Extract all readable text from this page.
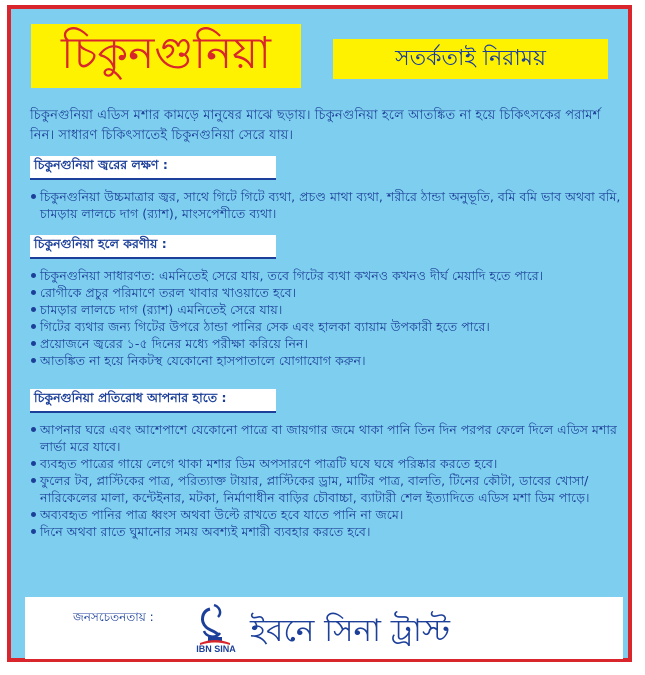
চিকুনগুনিয়া	সতর্কতাই নিরাময়

চিকুনগুনিয়া এডিস মশার কামড়ে মানুষের মাঝে ছড়ায়। চিকুনগুনিয়া হলে আতঙ্কিত না হয়ে চিকিৎসকের পরামর্শ নিন। সাধারণ চিকিৎসাতেই চিকুনগুনিয়া সেরে যায়।

চিকুনগুনিয়া জ্বরের লক্ষণ :
চিকুনগুনিয়া উচ্চমাত্রার জ্বর, সাথে গিটে গিটে ব্যথা, প্রচণ্ড মাথা ব্যথা, শরীরে ঠান্ডা অনুভূতি, বমি বমি ভাব অথবা বমি, চামড়ায় লালচে দাগ (র‍্যাশ), মাংসপেশীতে ব্যথা।
চিকুনগুনিয়া হলে করণীয় :
চিকুনগুনিয়া সাধারণত: এমনিতেই সেরে যায়, তবে গিটের ব্যথা কখনও কখনও দীর্ঘ মেয়াদি হতে পারে।
রোগীকে প্রচুর পরিমাণে তরল খাবার খাওয়াতে হবে।
চামড়ার লালচে দাগ (র‍্যাশ) এমনিতেই সেরে যায়।
গিটের ব্যথার জন্য গিটের উপরে ঠান্ডা পানির সেক এবং হালকা ব্যায়াম উপকারী হতে পারে।
প্রয়োজনে জ্বরের ১-৫ দিনের মধ্যে পরীক্ষা করিয়ে নিন।
আতঙ্কিত না হয়ে নিকটস্থ যেকোনো হাসপাতালে যোগাযোগ করুন।
চিকুনগুনিয়া প্রতিরোধ আপনার হাতে :
আপনার ঘরে এবং আশেপাশে যেকোনো পাত্রে বা জায়গার জমে থাকা পানি তিন দিন পরপর ফেলে দিলে এডিস মশার লার্ভা মরে যাবে।
ব্যবহৃত পাত্রের গায়ে লেগে থাকা মশার ডিম অপসারণে পাত্রটি ঘষে ঘষে পরিষ্কার করতে হবে।
ফুলের টব, প্লাস্টিকের পাত্র, পরিত্যাক্ত টায়ার, প্লাস্টিকের ড্রাম, মাটির পাত্র, বালতি, টিনের কৌটা, ডাবের খোসা/নারিকেলের মালা, কন্টেইনার, মটকা, নির্মাণাধীন বাড়ির চৌবাচ্চা, ব্যাটারী শেল ইত্যাদিতে এডিস মশা ডিম পাড়ে।
অব্যবহৃত পানির পাত্র ধ্বংস অথবা উল্টে রাখতে হবে যাতে পানি না জমে।
দিনে অথবা রাতে ঘুমানোর সময় অবশ্যই মশারী ব্যবহার করতে হবে।
জনসচেতনতায় :
IBN SINA ইবনে সিনা ট্রাস্ট
